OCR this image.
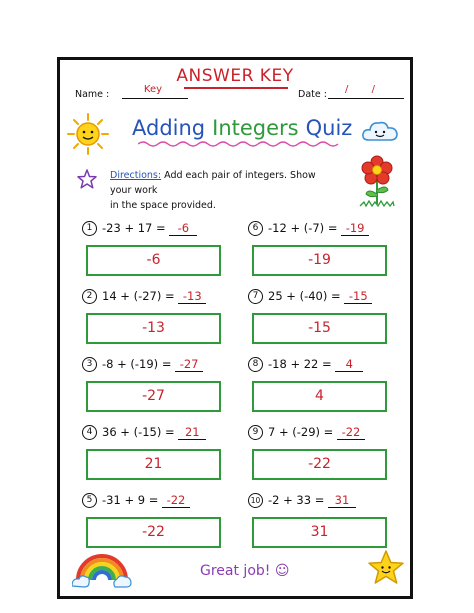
ANSWER KEY
Name :	Key	Date :	/ /
Adding Integers Quiz
Directions: Add each pair of integers. Show your work
in the space provided.
1 -23 + 17 = -6
-6
2 14 + (-27) = -13
-13
3 -8 + (-19) = -27
-27
4 36 + (-15) = 21
21
5 -31 + 9 = -22
-22
6 -12 + (-7) = -19
-19
7 25 + (-40) = -15
-15
8 -18 + 22 = 4
4
9 7 + (-29) = -22
-22
10 -2 + 33 = 31
31
Great job! ☺
